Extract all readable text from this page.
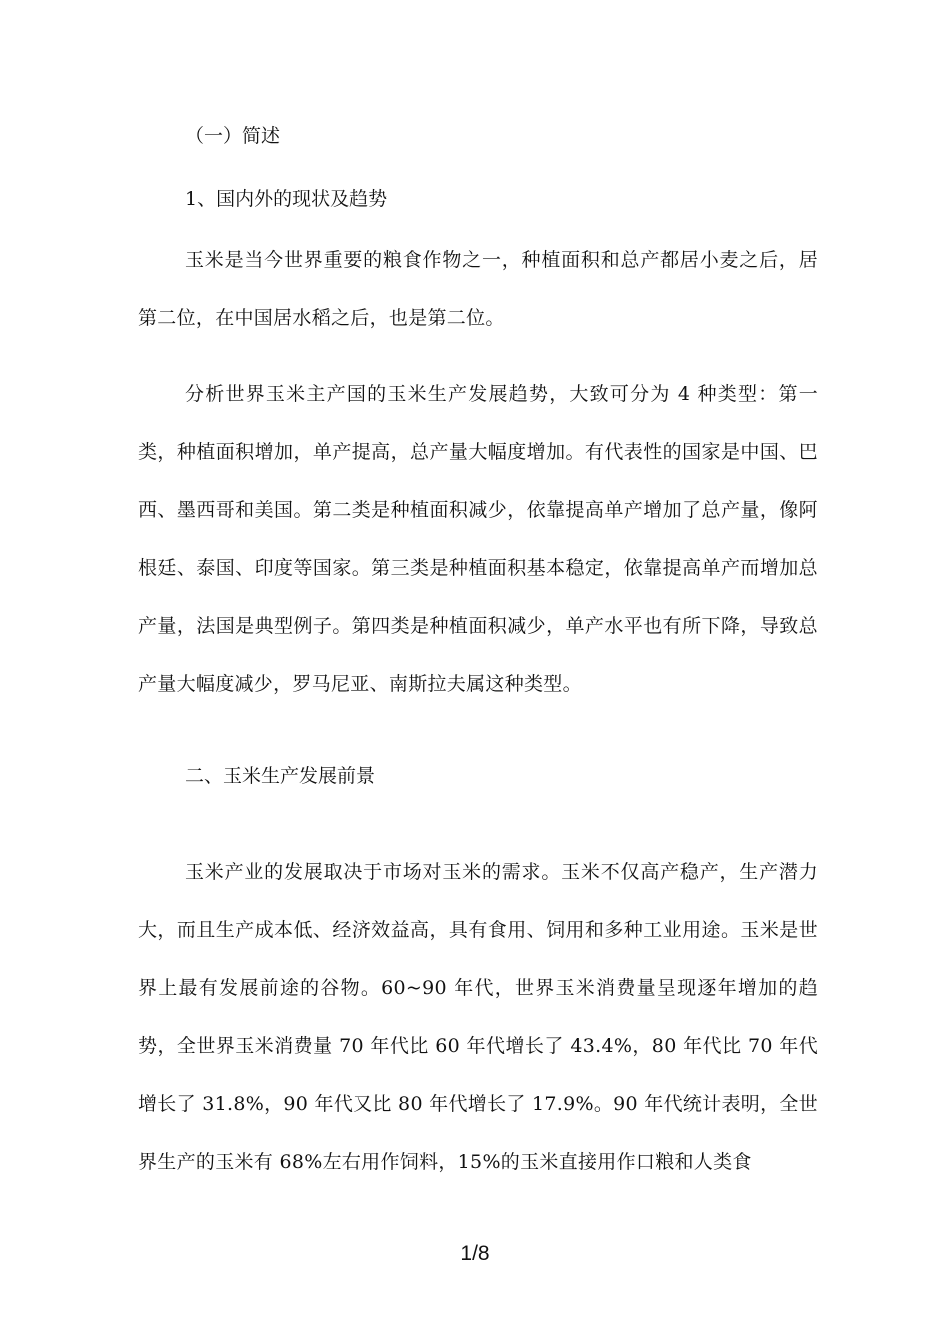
（一）简述

1、国内外的现状及趋势

玉米是当今世界重要的粮食作物之一，种植面积和总产都居小麦之后，居第二位，在中国居水稻之后，也是第二位。

分析世界玉米主产国的玉米生产发展趋势，大致可分为 4 种类型：第一类，种植面积增加，单产提高，总产量大幅度增加。有代表性的国家是中国、巴西、墨西哥和美国。第二类是种植面积减少，依靠提高单产增加了总产量，像阿根廷、泰国、印度等国家。第三类是种植面积基本稳定，依靠提高单产而增加总产量，法国是典型例子。第四类是种植面积减少，单产水平也有所下降，导致总产量大幅度减少，罗马尼亚、南斯拉夫属这种类型。

二、玉米生产发展前景

玉米产业的发展取决于市场对玉米的需求。玉米不仅高产稳产，生产潜力大，而且生产成本低、经济效益高，具有食用、饲用和多种工业用途。玉米是世界上最有发展前途的谷物。60~90 年代，世界玉米消费量呈现逐年增加的趋势，全世界玉米消费量 70 年代比 60 年代增长了 43.4%，80 年代比 70 年代增长了 31.8%，90 年代又比 80 年代增长了 17.9%。90 年代统计表明，全世界生产的玉米有 68%左右用作饲料，15%的玉米直接用作口粮和人类食

1/8
